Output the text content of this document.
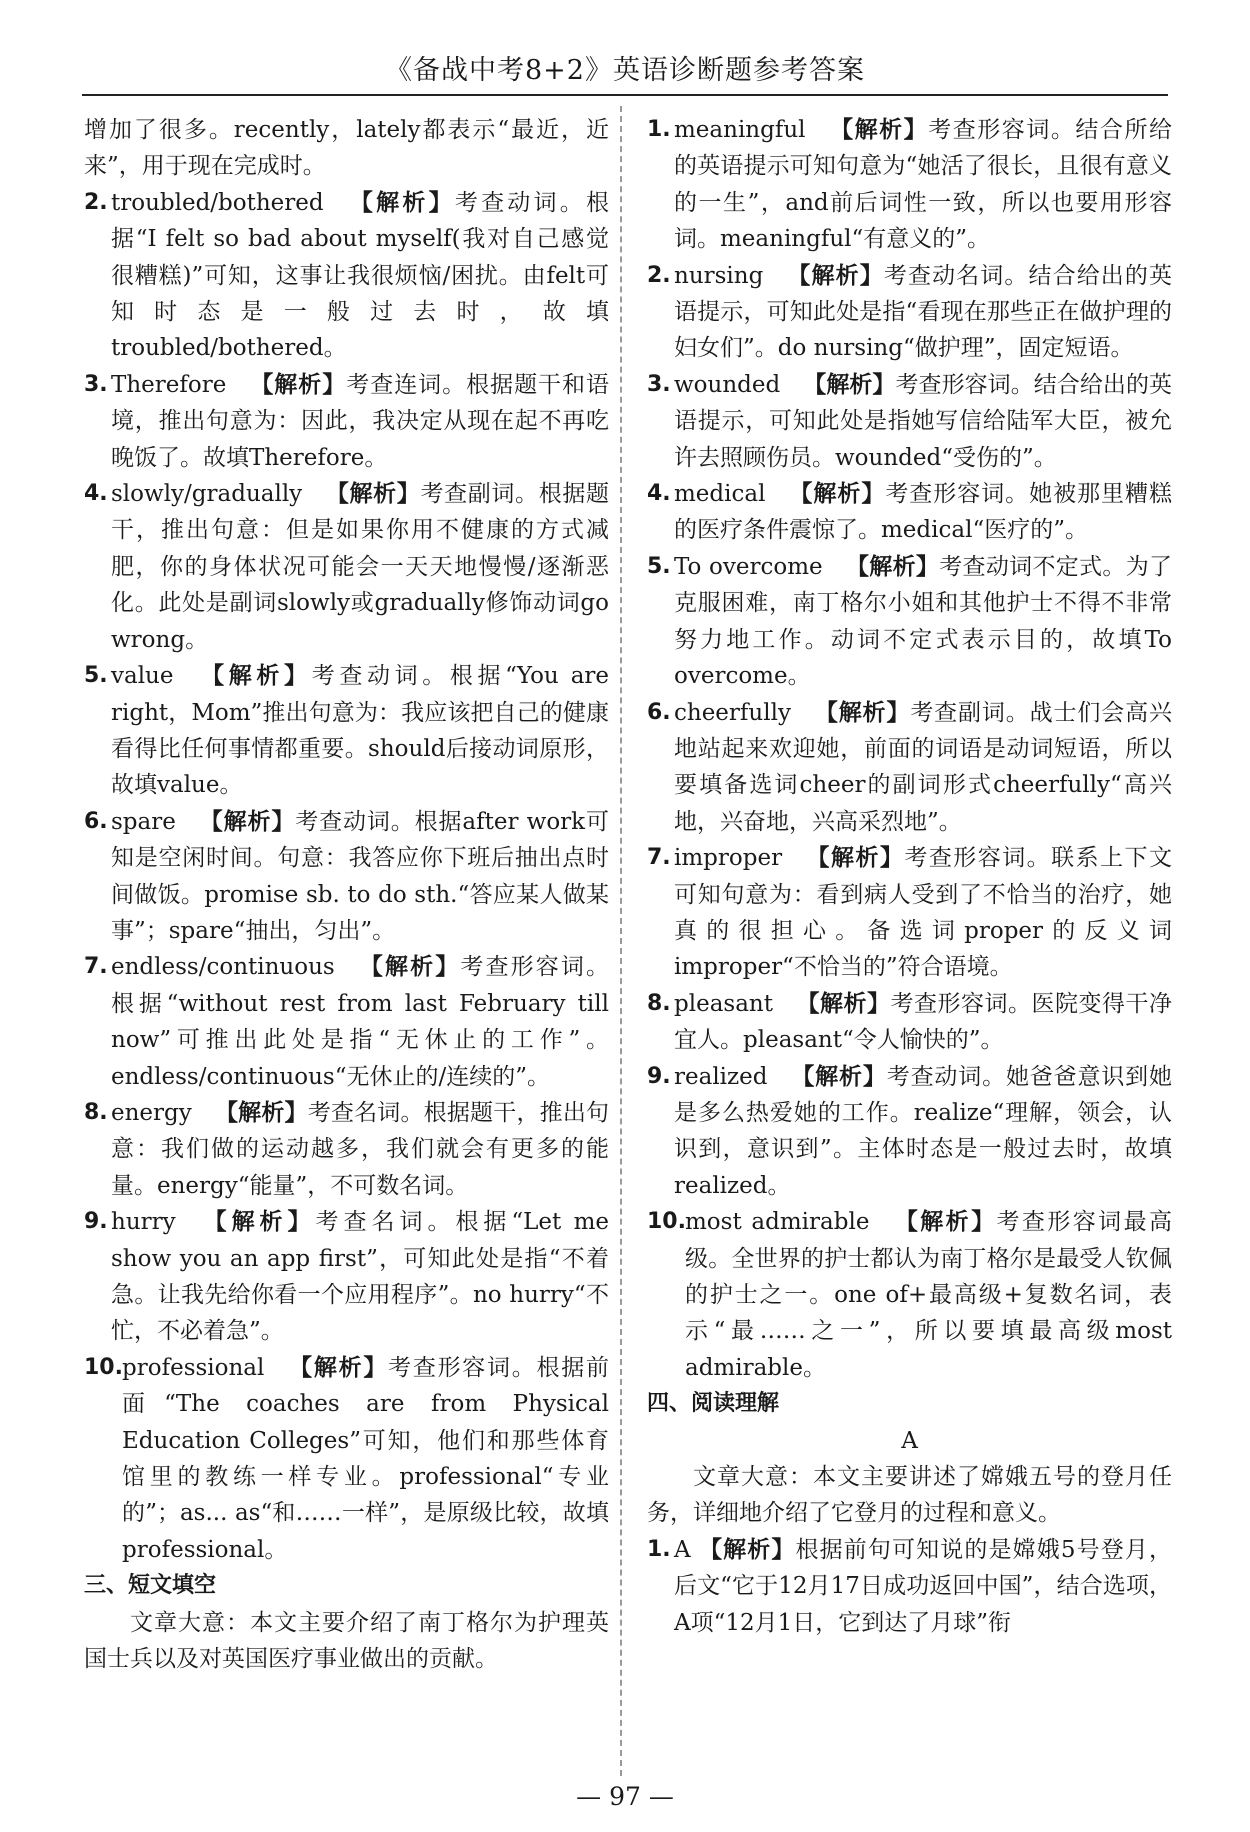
《备战中考8+2》英语诊断题参考答案
增加了很多。recently，lately都表示“最近，近来”，用于现在完成时。
2. troubled/bothered  【解析】考查动词。根据“I felt so bad about myself(我对自己感觉很糟糕)”可知，这事让我很烦恼/困扰。由felt可知时态是一般过去时，故填troubled/bothered。
3. Therefore  【解析】考查连词。根据题干和语境，推出句意为：因此，我决定从现在起不再吃晚饭了。故填Therefore。
4. slowly/gradually  【解析】考查副词。根据题干，推出句意：但是如果你用不健康的方式减肥，你的身体状况可能会一天天地慢慢/逐渐恶化。此处是副词slowly或gradually修饰动词go wrong。
5. value  【解析】考查动词。根据“You are right，Mom”推出句意为：我应该把自己的健康看得比任何事情都重要。should后接动词原形，故填value。
6. spare  【解析】考查动词。根据after work可知是空闲时间。句意：我答应你下班后抽出点时间做饭。promise sb. to do sth.“答应某人做某事”；spare“抽出，匀出”。
7. endless/continuous  【解析】考查形容词。根据“without rest from last February till now”可推出此处是指“无休止的工作”。endless/continuous“无休止的/连续的”。
8. energy  【解析】考查名词。根据题干，推出句意：我们做的运动越多，我们就会有更多的能量。energy“能量”，不可数名词。
9. hurry  【解析】考查名词。根据“Let me show you an app first”，可知此处是指“不着急。让我先给你看一个应用程序”。no hurry“不忙，不必着急”。
10. professional  【解析】考查形容词。根据前面“The coaches are from Physical Education Colleges”可知，他们和那些体育馆里的教练一样专业。professional“专业的”；as... as“和……一样”，是原级比较，故填professional。
三、短文填空
文章大意：本文主要介绍了南丁格尔为护理英国士兵以及对英国医疗事业做出的贡献。
1. meaningful  【解析】考查形容词。结合所给的英语提示可知句意为“她活了很长，且很有意义的一生”，and前后词性一致，所以也要用形容词。meaningful“有意义的”。
2. nursing  【解析】考查动名词。结合给出的英语提示，可知此处是指“看现在那些正在做护理的妇女们”。do nursing“做护理”，固定短语。
3. wounded  【解析】考查形容词。结合给出的英语提示，可知此处是指她写信给陆军大臣，被允许去照顾伤员。wounded“受伤的”。
4. medical  【解析】考查形容词。她被那里糟糕的医疗条件震惊了。medical“医疗的”。
5. To overcome  【解析】考查动词不定式。为了克服困难，南丁格尔小姐和其他护士不得不非常努力地工作。动词不定式表示目的，故填To overcome。
6. cheerfully  【解析】考查副词。战士们会高兴地站起来欢迎她，前面的词语是动词短语，所以要填备选词cheer的副词形式cheerfully“高兴地，兴奋地，兴高采烈地”。
7. improper  【解析】考查形容词。联系上下文可知句意为：看到病人受到了不恰当的治疗，她真的很担心。备选词proper的反义词improper“不恰当的”符合语境。
8. pleasant  【解析】考查形容词。医院变得干净宜人。pleasant“令人愉快的”。
9. realized  【解析】考查动词。她爸爸意识到她是多么热爱她的工作。realize“理解，领会，认识到，意识到”。主体时态是一般过去时，故填realized。
10. most admirable  【解析】考查形容词最高级。全世界的护士都认为南丁格尔是最受人钦佩的护士之一。one of+最高级+复数名词，表示“最……之一”，所以要填最高级most admirable。
四、阅读理解
A
文章大意：本文主要讲述了嫦娥五号的登月任务，详细地介绍了它登月的过程和意义。
1. A 【解析】根据前句可知说的是嫦娥5号登月，后文“它于12月17日成功返回中国”，结合选项，A项“12月1日，它到达了月球”衔
— 97 —
